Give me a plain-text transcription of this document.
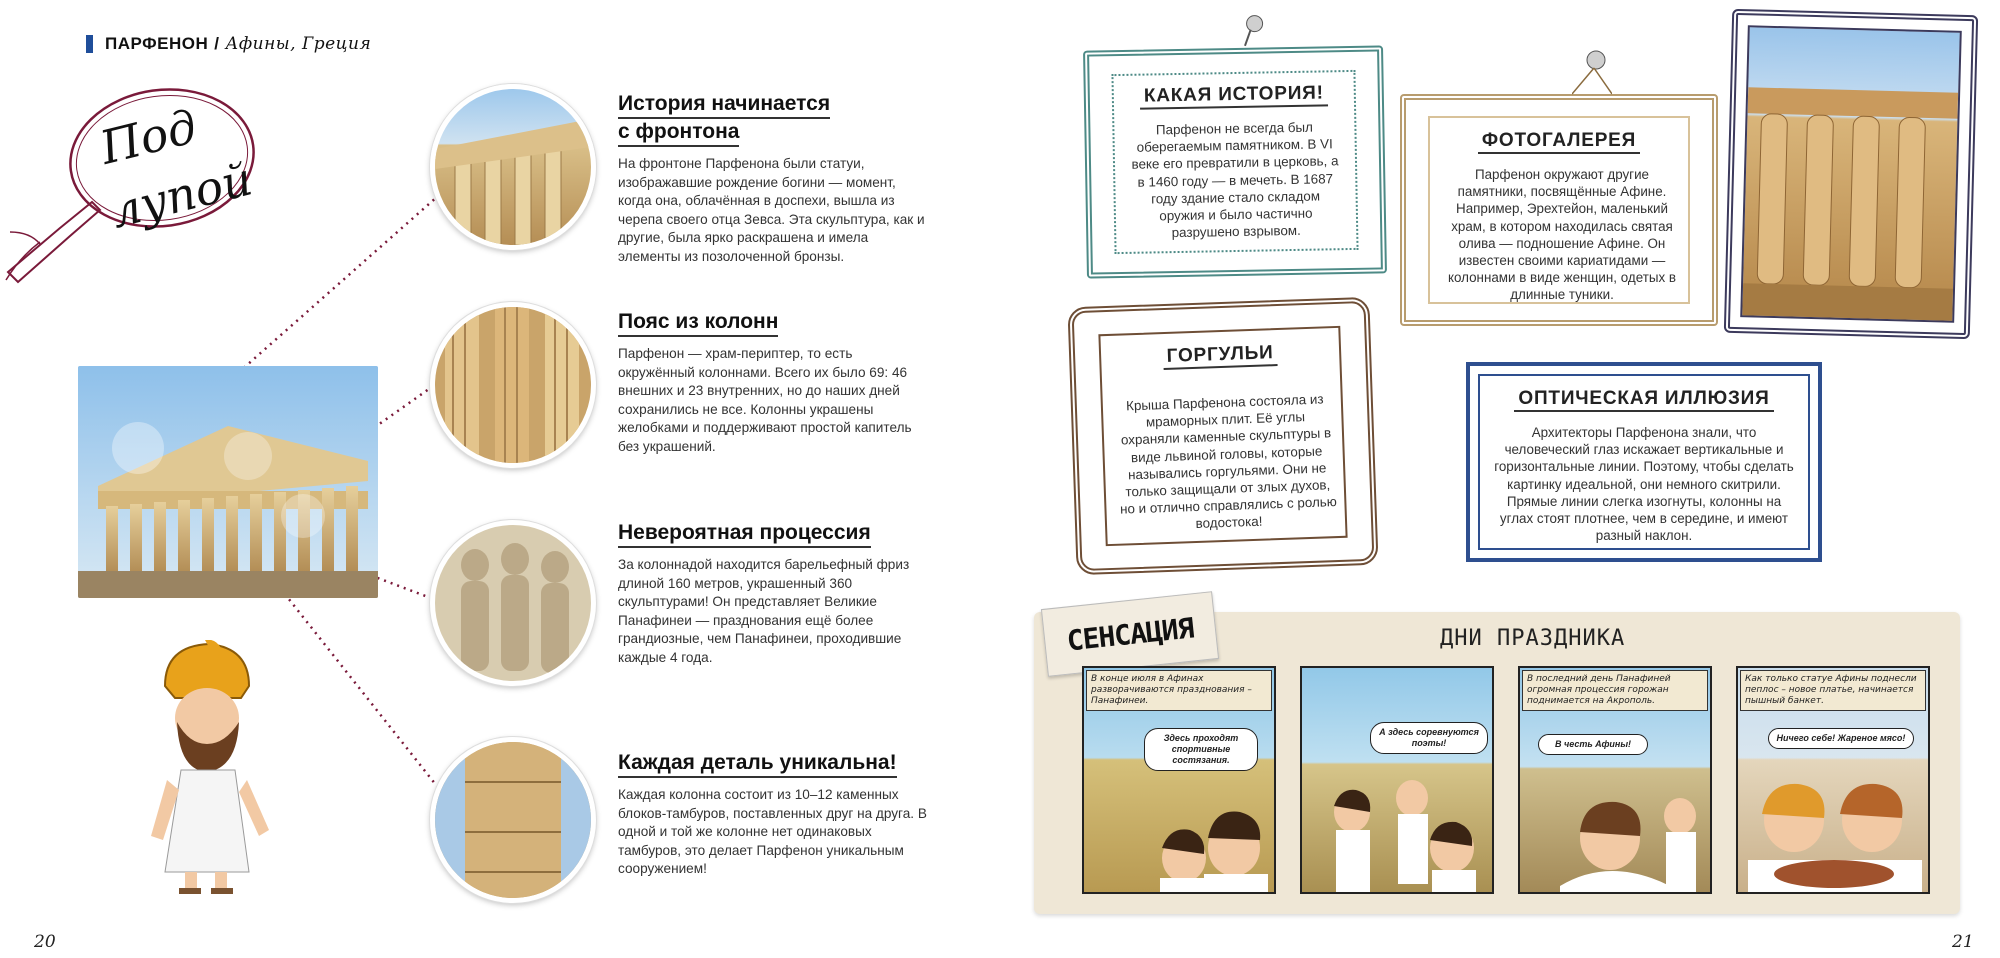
ПАРФЕНОН / Афины, Греция
Под
лупой
История начинается
с фронтона
На фронтоне Парфенона были статуи, изображавшие рождение богини — момент, когда она, облачённая в доспехи, вышла из черепа своего отца Зевса. Эта скульптура, как и другие, была ярко раскрашена и имела элементы из позолоченной бронзы.
Пояс из колонн
Парфенон — храм-периптер, то есть окружённый колоннами. Всего их было 69: 46 внешних и 23 внутренних, но до наших дней сохранились не все. Колонны украшены желобками и поддерживают простой капитель без украшений.
Невероятная процессия
За колоннадой находится барельефный фриз длиной 160 метров, украшенный 360 скульптурами! Он представляет Великие Панафинеи — празднования ещё более грандиозные, чем Панафинеи, проходившие каждые 4 года.
Каждая деталь уникальна!
Каждая колонна состоит из 10–12 каменных блоков-тамбуров, поставленных друг на друга. В одной и той же колонне нет одинаковых тамбуров, это делает Парфенон уникальным сооружением!
20
КАКАЯ ИСТОРИЯ!
Парфенон не всегда был оберегаемым памятником. В VI веке его превратили в церковь, а в 1460 году — в мечеть. В 1687 году здание стало складом оружия и было частично разрушено взрывом.
ФОТОГАЛЕРЕЯ
Парфенон окружают другие памятники, посвящённые Афине. Например, Эрехтейон, маленький храм, в котором находилась святая олива — подношение Афине. Он известен своими кариатидами — колоннами в виде женщин, одетых в длинные туники.
ГОРГУЛЬИ
Крыша Парфенона состояла из мраморных плит. Её углы охраняли каменные скульптуры в виде львиной головы, которые назывались горгульями. Они не только защищали от злых духов, но и отлично справлялись с ролью водостока!
ОПТИЧЕСКАЯ ИЛЛЮЗИЯ
Архитекторы Парфенона знали, что человеческий глаз искажает вертикальные и горизонтальные линии. Поэтому, чтобы сделать картинку идеальной, они немного скитрили. Прямые линии слегка изогнуты, колонны на углах стоят плотнее, чем в середине, и имеют разный наклон.
СЕНСАЦИЯ	ДНИ ПРАЗДНИКА
В конце июля в Афинах разворачиваются празднования – Панафинеи.
Здесь проходят спортивные состязания.
А здесь соревнуются поэты!
В последний день Панафиней огромная процессия горожан поднимается на Акрополь.
В честь Афины!
Как только статуе Афины поднесли пеплос – новое платье, начинается пышный банкет.
Ничего себе! Жареное мясо!
21
